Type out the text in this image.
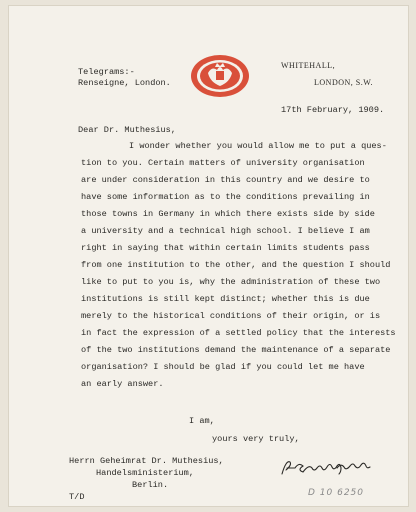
Telegrams:-
Renseigne, London.
WHITEHALL,
LONDON, S.W.
17th February, 1909.
Dear Dr. Muthesius,
I wonder whether you would allow me to put a ques-
tion to you. Certain matters of university organisation
are under consideration in this country and we desire to
have some information as to the conditions prevailing in
those towns in Germany in which there exists side by side
a university and a technical high school. I believe I am
right in saying that within certain limits students pass
from one institution to the other, and the question I should
like to put to you is, why the administration of these two
institutions is still kept distinct; whether this is due
merely to the historical conditions of their origin, or is
in fact the expression of a settled policy that the interests
of the two institutions demand the maintenance of a separate
organisation? I should be glad if you could let me have
an early answer.
I am,
yours very truly,
Herrn Geheimrat Dr. Muthesius,
Handelsministerium,
Berlin.
T/D	D 10 6250
